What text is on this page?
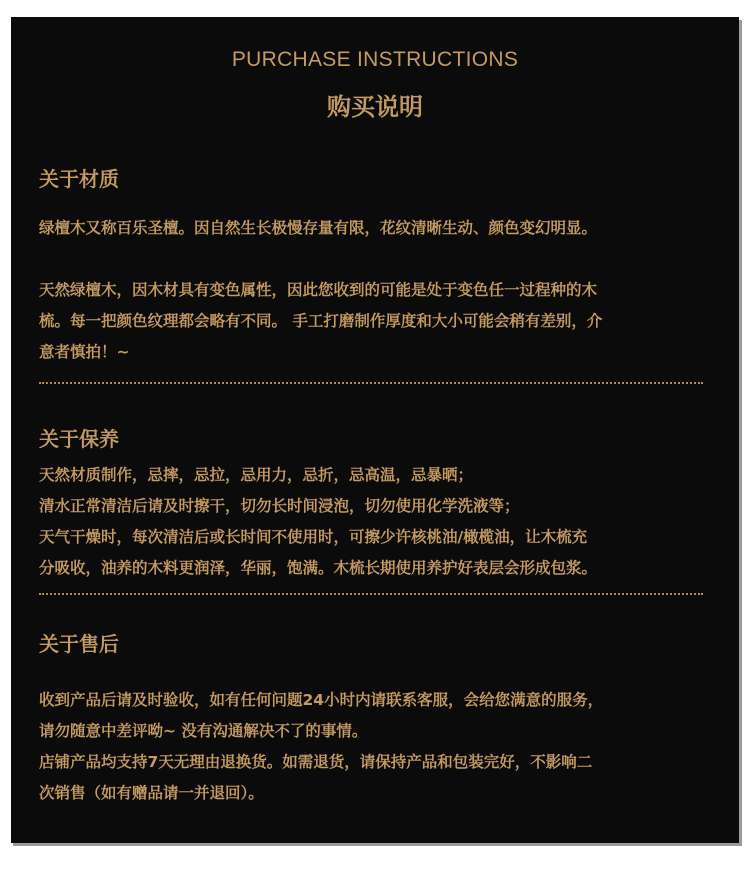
PURCHASE INSTRUCTIONS
购买说明
关于材质

绿檀木又称百乐圣檀。因自然生长极慢存量有限，花纹清晰生动、颜色变幻明显。

天然绿檀木，因木材具有变色属性，因此您收到的可能是处于变色任一过程种的木
梳。每一把颜色纹理都会略有不同。 手工打磨制作厚度和大小可能会稍有差别，介
意者慎拍！~

关于保养

天然材质制作，忌摔，忌拉，忌用力，忌折，忌高温，忌暴晒；
清水正常清洁后请及时擦干，切勿长时间浸泡，切勿使用化学洗液等；
天气干燥时，每次清洁后或长时间不使用时，可擦少许核桃油/橄榄油，让木梳充
分吸收，油养的木料更润泽，华丽，饱满。木梳长期使用养护好表层会形成包浆。

关于售后

收到产品后请及时验收，如有任何问题24小时内请联系客服，会给您满意的服务，
请勿随意中差评呦~ 没有沟通解决不了的事情。
店铺产品均支持7天无理由退换货。如需退货，请保持产品和包装完好，不影响二
次销售（如有赠品请一并退回）。
